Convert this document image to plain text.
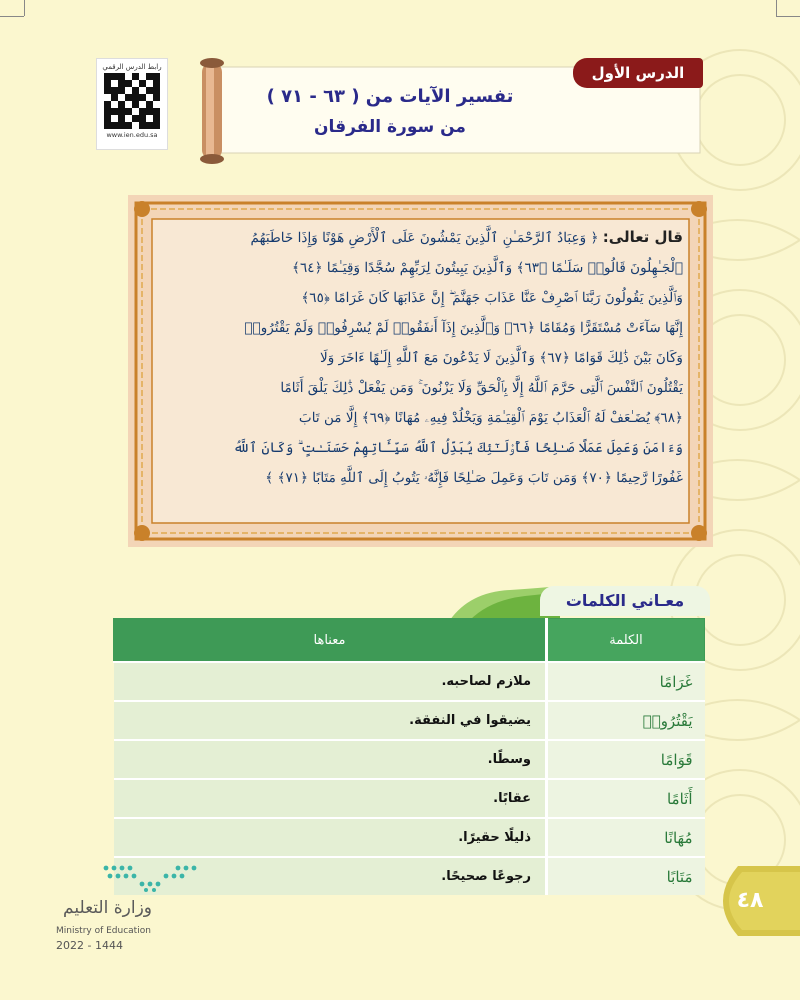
رابط الدرس الرقمي
www.ien.edu.sa
الدرس الأول
تفسير الآيات من ( ٦٣ - ٧١ )
من سورة الفرقان
قال تعالى: ﴿ وَعِبَادُ ٱلرَّحْمَـٰنِ ٱلَّذِينَ يَمْشُونَ عَلَى ٱلْأَرْضِ هَوْنًا وَإِذَا خَاطَبَهُمُ
ٱلْجَـٰهِلُونَ قَالُوا۟ سَلَـٰمًا ﴿٦٣﴾ وَٱلَّذِينَ يَبِيتُونَ لِرَبِّهِمْ سُجَّدًا وَقِيَـٰمًا ﴿٦٤﴾
وَٱلَّذِينَ يَقُولُونَ رَبَّنَا ٱصْرِفْ عَنَّا عَذَابَ جَهَنَّمَ ۖ إِنَّ عَذَابَهَا كَانَ غَرَامًا ﴿٦٥﴾
إِنَّهَا سَآءَتْ مُسْتَقَرًّا وَمُقَامًا ﴿٦٦﴾ وَٱلَّذِينَ إِذَآ أَنفَقُوا۟ لَمْ يُسْرِفُوا۟ وَلَمْ يَقْتُرُوا۟
وَكَانَ بَيْنَ ذَٰلِكَ قَوَامًا ﴿٦٧﴾ وَٱلَّذِينَ لَا يَدْعُونَ مَعَ ٱللَّهِ إِلَـٰهًا ءَاخَرَ وَلَا
يَقْتُلُونَ ٱلنَّفْسَ ٱلَّتِى حَرَّمَ ٱللَّهُ إِلَّا بِٱلْحَقِّ وَلَا يَزْنُونَ ۚ وَمَن يَفْعَلْ ذَٰلِكَ يَلْقَ أَثَامًا
﴿٦٨﴾ يُضَـٰعَفْ لَهُ ٱلْعَذَابُ يَوْمَ ٱلْقِيَـٰمَةِ وَيَخْلُدْ فِيهِۦ مُهَانًا ﴿٦٩﴾ إِلَّا مَن تَابَ
وَءَامَنَ وَعَمِلَ عَمَلًا صَـٰلِحًا فَأُو۟لَـٰٓئِكَ يُبَدِّلُ ٱللَّهُ سَيِّـَٔاتِهِمْ حَسَنَـٰتٍ ۗ وَكَانَ ٱللَّهُ
غَفُورًا رَّحِيمًا ﴿٧٠﴾ وَمَن تَابَ وَعَمِلَ صَـٰلِحًا فَإِنَّهُۥ يَتُوبُ إِلَى ٱللَّهِ مَتَابًا ﴿٧١﴾ ﴾
معـاني الكلمات
الكلمة	معناها
غَرَامًا	ملازم لصاحبه.
يَقْتُرُوا۟	يضيقوا في النفقة.
قَوَامًا	وسطًا.
أَثَامًا	عقابًا.
مُهَانًا	ذليلًا حقيرًا.
مَتَابًا	رجوعًا صحيحًا.
٤٨
وزارة التعليم
Ministry of Education
2022 - 1444
